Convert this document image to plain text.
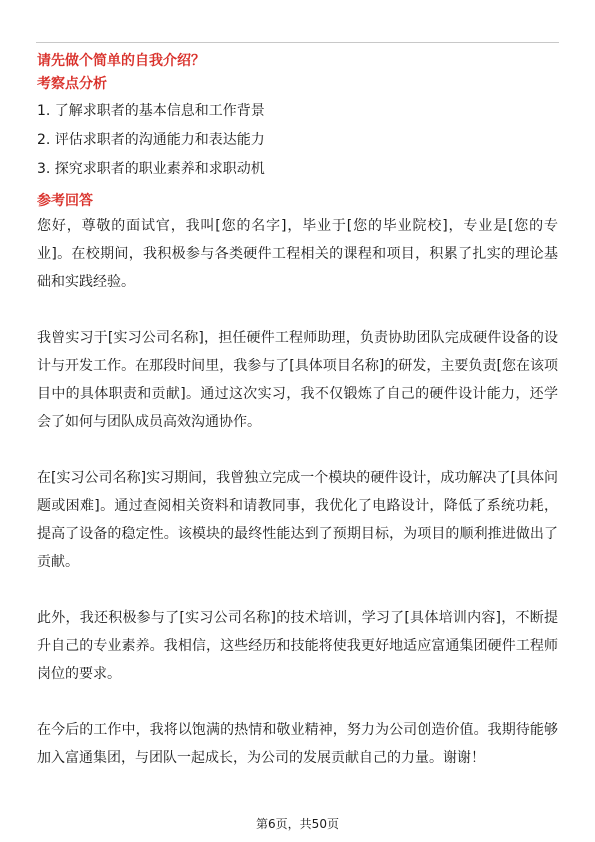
请先做个简单的自我介绍？

考察点分析

1. 了解求职者的基本信息和工作背景
2. 评估求职者的沟通能力和表达能力
3. 探究求职者的职业素养和求职动机

参考回答

您好，尊敬的面试官，我叫[您的名字]，毕业于[您的毕业院校]，专业是[您的专业]。在校期间，我积极参与各类硬件工程相关的课程和项目，积累了扎实的理论基础和实践经验。

我曾实习于[实习公司名称]，担任硬件工程师助理，负责协助团队完成硬件设备的设计与开发工作。在那段时间里，我参与了[具体项目名称]的研发，主要负责[您在该项目中的具体职责和贡献]。通过这次实习，我不仅锻炼了自己的硬件设计能力，还学会了如何与团队成员高效沟通协作。

在[实习公司名称]实习期间，我曾独立完成一个模块的硬件设计，成功解决了[具体问题或困难]。通过查阅相关资料和请教同事，我优化了电路设计，降低了系统功耗，提高了设备的稳定性。该模块的最终性能达到了预期目标，为项目的顺利推进做出了贡献。

此外，我还积极参与了[实习公司名称]的技术培训，学习了[具体培训内容]，不断提升自己的专业素养。我相信，这些经历和技能将使我更好地适应富通集团硬件工程师岗位的要求。

在今后的工作中，我将以饱满的热情和敬业精神，努力为公司创造价值。我期待能够加入富通集团，与团队一起成长，为公司的发展贡献自己的力量。谢谢！

第6页，共50页
